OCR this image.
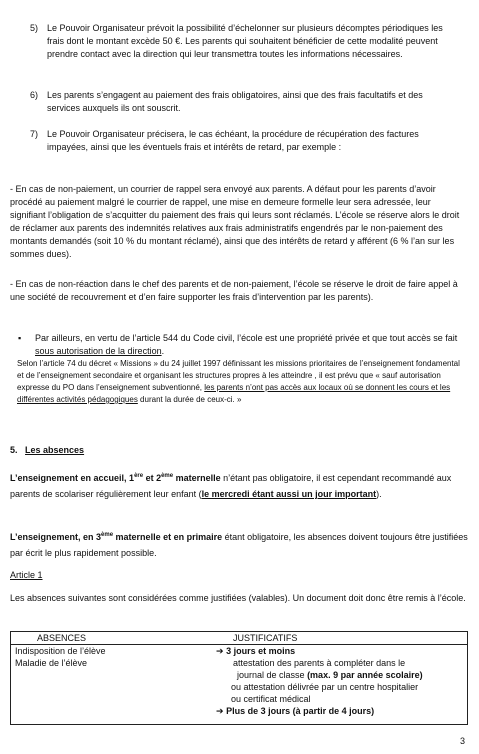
5) Le Pouvoir Organisateur prévoit la possibilité d’échelonner sur plusieurs décomptes périodiques les frais dont le montant excède 50 €. Les parents qui souhaitent bénéficier de cette modalité peuvent prendre contact avec la direction qui leur transmettra toutes les informations nécessaires.

6) Les parents s’engagent au paiement des frais obligatoires, ainsi que des frais facultatifs et des services auxquels ils ont souscrit.

7) Le Pouvoir Organisateur précisera, le cas échéant, la procédure de récupération des factures impayées, ainsi que les éventuels frais et intérêts de retard, par exemple :

- En cas de non-paiement, un courrier de rappel sera envoyé aux parents. A défaut pour les parents d’avoir procédé au paiement malgré le courrier de rappel, une mise en demeure formelle leur sera adressée, leur signifiant l’obligation de s’acquitter du paiement des frais qui leurs sont réclamés. L’école se réserve alors le droit de réclamer aux parents des indemnités relatives aux frais administratifs engendrés par le non-paiement des montants demandés (soit 10 % du montant réclamé), ainsi que des intérêts de retard y afférent (6 % l’an sur les sommes dues).

- En cas de non-réaction dans le chef des parents et de non-paiement, l’école se réserve le droit de faire appel à une société de recouvrement et d’en faire supporter les frais d’intervention par les parents).

▪ Par ailleurs, en vertu de l’article 544 du Code civil, l’école est une propriété privée et que tout accès se fait sous autorisation de la direction.

Selon l’article 74 du décret « Missions » du 24 juillet 1997 définissant les missions prioritaires de l’enseignement fondamental et de l’enseignement secondaire et organisant les structures propres à les atteindre , il est prévu que « sauf autorisation expresse du PO dans l’enseignement subventionné, les parents n’ont pas accès aux locaux où se donnent les cours et les différentes activités pédagogiques durant la durée de ceux-ci. »

5. Les absences

L’enseignement en accueil, 1ère et 2ème maternelle n’étant pas obligatoire, il est cependant recommandé aux parents de scolariser régulièrement leur enfant (le mercredi étant aussi un jour important).

L’enseignement, en 3ème maternelle et en primaire étant obligatoire, les absences doivent toujours être justifiées par écrit le plus rapidement possible.

Article 1

Les absences suivantes sont considérées comme justifiées (valables). Un document doit donc être remis à l’école.

ABSENCES	JUSTIFICATIFS
Indisposition de l’élève
Maladie de l’élève
➔ 3 jours et moins
attestation des parents à compléter dans le
journal de classe (max. 9 par année scolaire)
ou attestation délivrée par un centre hospitalier
ou certificat médical
➔ Plus de 3 jours (à partir de 4 jours)
3
